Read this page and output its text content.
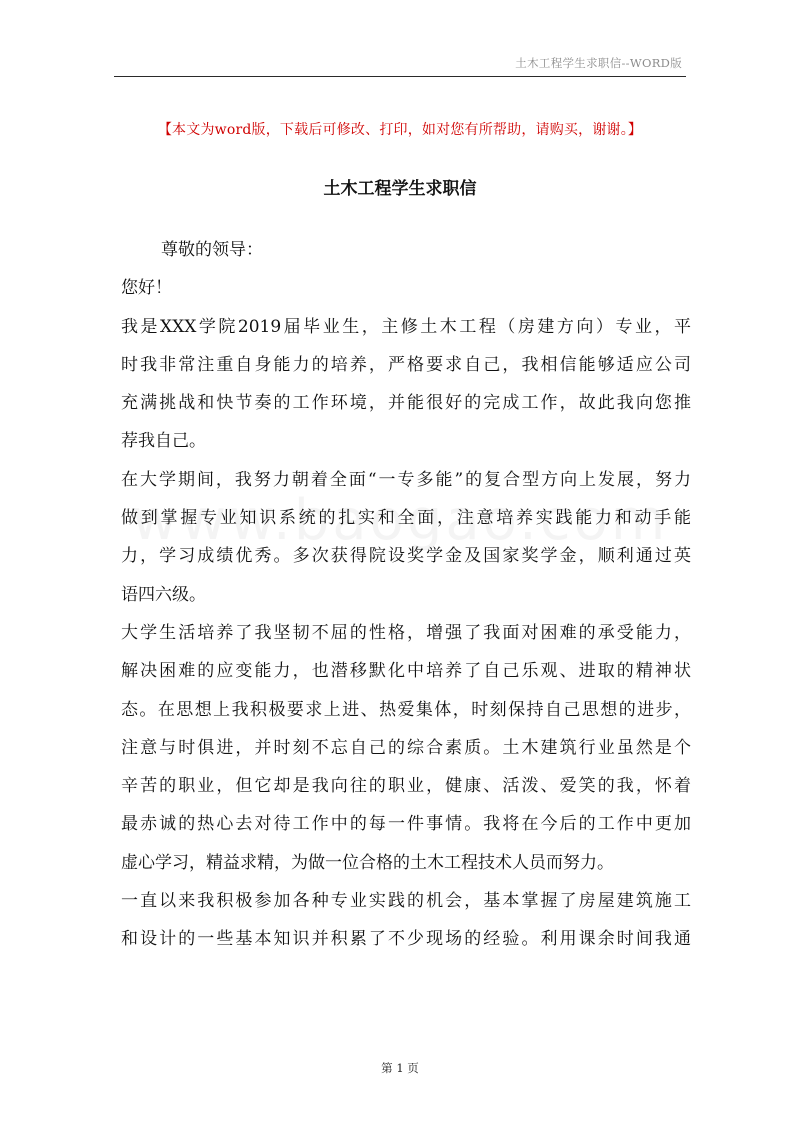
土木工程学生求职信--WORD版
【本文为word版，下载后可修改、打印，如对您有所帮助，请购买，谢谢。】
土木工程学生求职信
尊敬的领导：
您好！
我是XXX学院2019届毕业生，主修土木工程（房建方向）专业，平
时我非常注重自身能力的培养，严格要求自己，我相信能够适应公司
充满挑战和快节奏的工作环境，并能很好的完成工作，故此我向您推
荐我自己。
在大学期间，我努力朝着全面“一专多能”的复合型方向上发展，努力
做到掌握专业知识系统的扎实和全面，注意培养实践能力和动手能
力，学习成绩优秀。多次获得院设奖学金及国家奖学金，顺利通过英
语四六级。
大学生活培养了我坚韧不屈的性格，增强了我面对困难的承受能力，
解决困难的应变能力，也潜移默化中培养了自己乐观、进取的精神状
态。在思想上我积极要求上进、热爱集体，时刻保持自己思想的进步，
注意与时俱进，并时刻不忘自己的综合素质。土木建筑行业虽然是个
辛苦的职业，但它却是我向往的职业，健康、活泼、爱笑的我，怀着
最赤诚的热心去对待工作中的每一件事情。我将在今后的工作中更加
虚心学习，精益求精，为做一位合格的土木工程技术人员而努力。
一直以来我积极参加各种专业实践的机会，基本掌握了房屋建筑施工
和设计的一些基本知识并积累了不少现场的经验。利用课余时间我通
第 1 页
